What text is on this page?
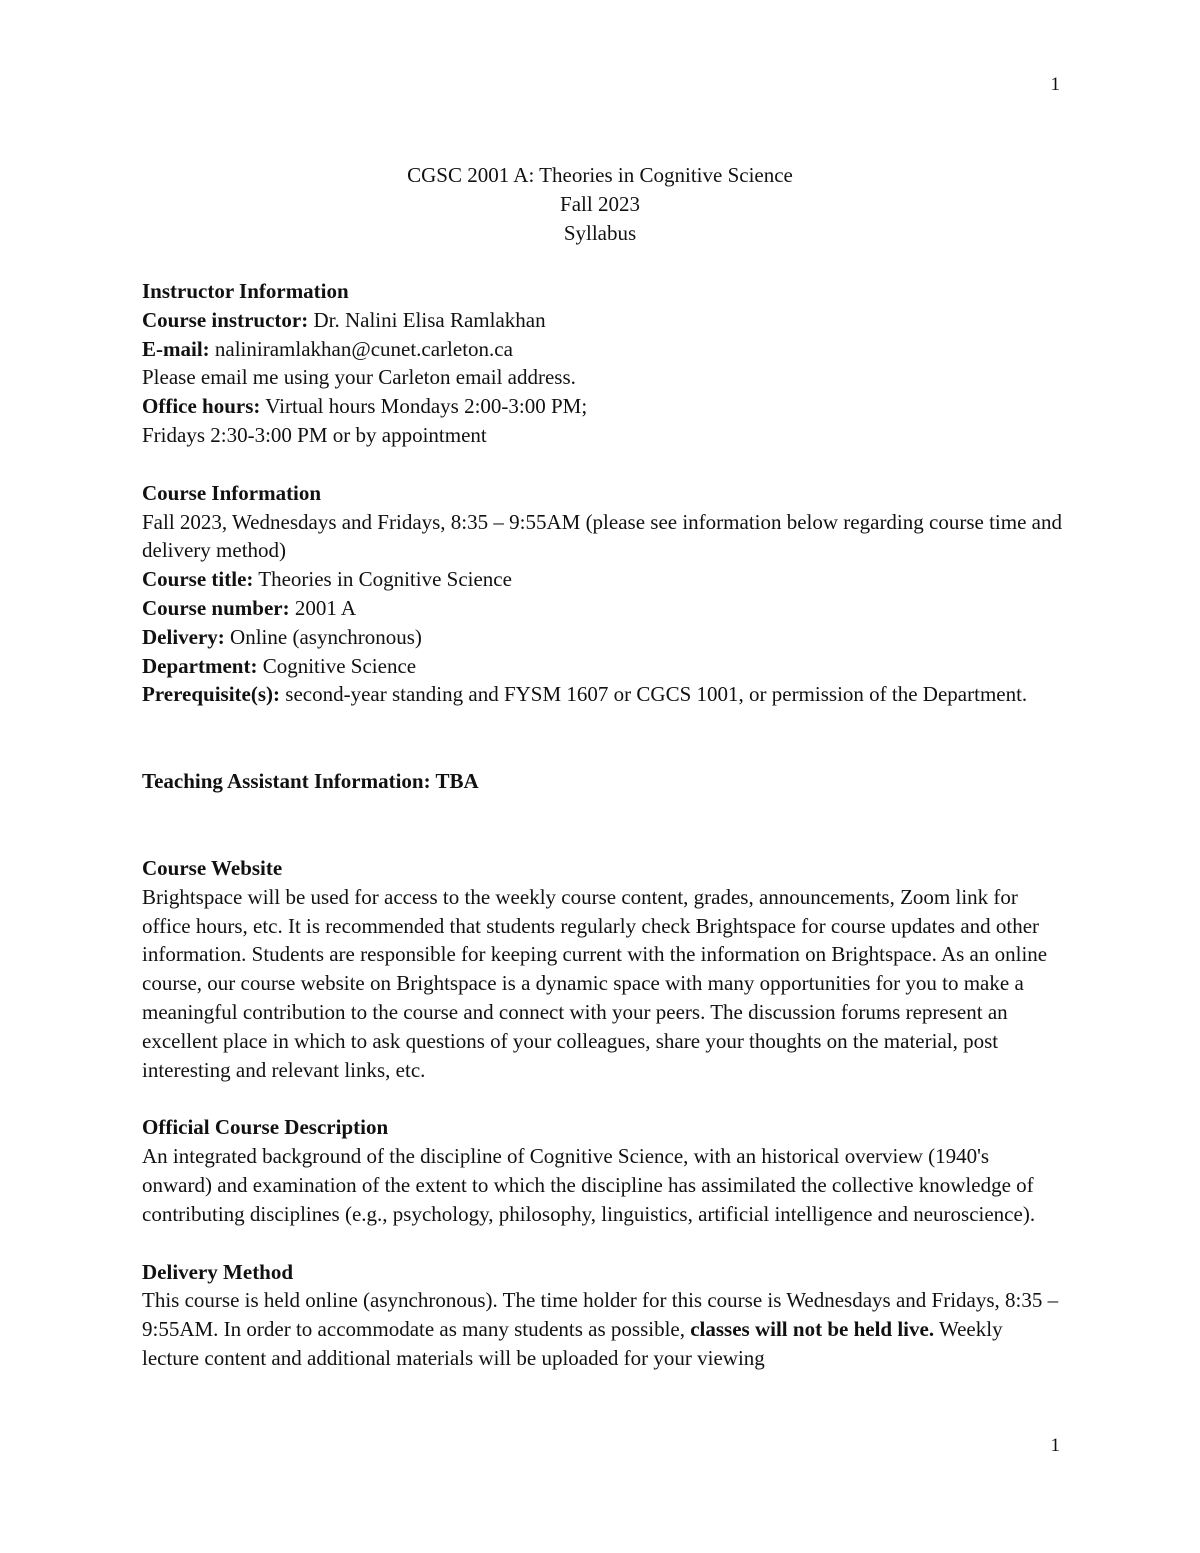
1
CGSC 2001 A: Theories in Cognitive Science
Fall 2023
Syllabus
Instructor Information
Course instructor: Dr. Nalini Elisa Ramlakhan
E-mail: naliniramlakhan@cunet.carleton.ca
Please email me using your Carleton email address.
Office hours: Virtual hours Mondays 2:00-3:00 PM;
Fridays 2:30-3:00 PM or by appointment
Course Information

Fall 2023, Wednesdays and Fridays, 8:35 – 9:55AM (please see information below regarding course time and delivery method)

Course title: Theories in Cognitive Science
Course number: 2001 A
Delivery: Online (asynchronous)
Department: Cognitive Science

Prerequisite(s): second-year standing and FYSM 1607 or CGCS 1001, or permission of the Department.

Teaching Assistant Information: TBA
Course Website

Brightspace will be used for access to the weekly course content, grades, announcements, Zoom link for office hours, etc. It is recommended that students regularly check Brightspace for course updates and other information. Students are responsible for keeping current with the information on Brightspace. As an online course, our course website on Brightspace is a dynamic space with many opportunities for you to make a meaningful contribution to the course and connect with your peers. The discussion forums represent an excellent place in which to ask questions of your colleagues, share your thoughts on the material, post interesting and relevant links, etc.

Official Course Description

An integrated background of the discipline of Cognitive Science, with an historical overview (1940's onward) and examination of the extent to which the discipline has assimilated the collective knowledge of contributing disciplines (e.g., psychology, philosophy, linguistics, artificial intelligence and neuroscience).

Delivery Method

This course is held online (asynchronous). The time holder for this course is Wednesdays and Fridays, 8:35 – 9:55AM. In order to accommodate as many students as possible, classes will not be held live. Weekly lecture content and additional materials will be uploaded for your viewing

1
